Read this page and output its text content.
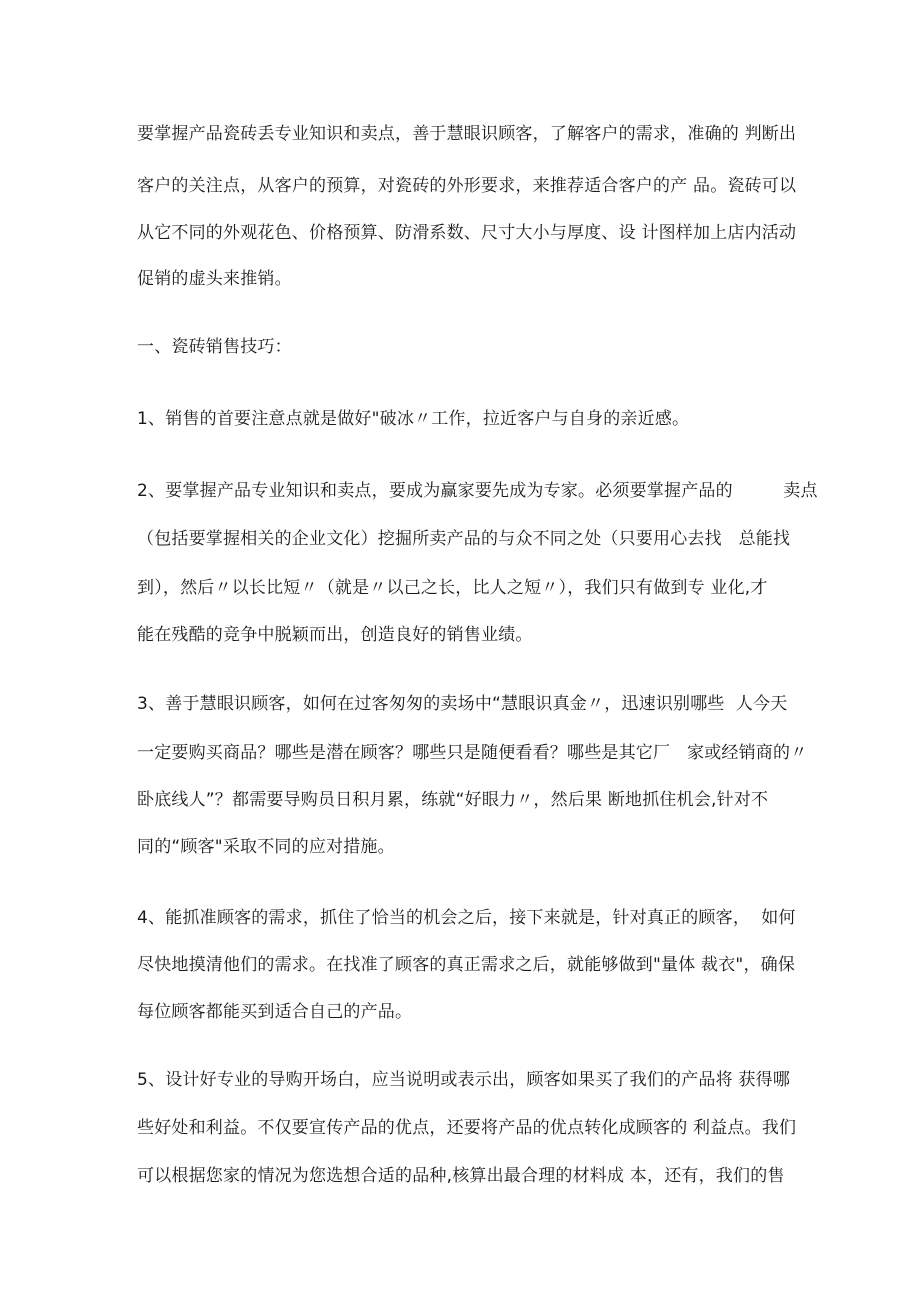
要掌握产品瓷砖丢专业知识和卖点，善于慧眼识顾客，了解客户的需求，准确的 判断出
客户的关注点，从客户的预算，对瓷砖的外形要求，来推荐适合客户的产 品。瓷砖可以
从它不同的外观花色、价格预算、防滑系数、尺寸大小与厚度、设 计图样加上店内活动
促销的虚头来推销。
一、瓷砖销售技巧：
1、销售的首要注意点就是做好"破冰〃工作，拉近客户与自身的亲近感。
2、要掌握产品专业知识和卖点，要成为赢家要先成为专家。必须要掌握产品的         卖点
（包括要掌握相关的企业文化）挖掘所卖产品的与众不同之处（只要用心去找   总能找
到），然后〃以长比短〃（就是〃以己之长，比人之短〃），我们只有做到专 业化,才
能在残酷的竞争中脱颖而出，创造良好的销售业绩。
3、善于慧眼识顾客，如何在过客匆匆的卖场中“慧眼识真金〃，迅速识别哪些  人今天
一定要购买商品？哪些是潜在顾客？哪些只是随便看看？哪些是其它厂   家或经销商的〃
卧底线人”？都需要导购员日积月累，练就“好眼力〃，然后果 断地抓住机会,针对不
同的“顾客"采取不同的应对措施。
4、能抓准顾客的需求，抓住了恰当的机会之后，接下来就是，针对真正的顾客，  如何
尽快地摸清他们的需求。在找准了顾客的真正需求之后，就能够做到"量体 裁衣"，确保
每位顾客都能买到适合自己的产品。
5、设计好专业的导购开场白，应当说明或表示出，顾客如果买了我们的产品将 获得哪
些好处和利益。不仅要宣传产品的优点，还要将产品的优点转化成顾客的 利益点。我们
可以根据您家的情况为您选想合适的品种,核算出最合理的材料成 本，还有，我们的售
